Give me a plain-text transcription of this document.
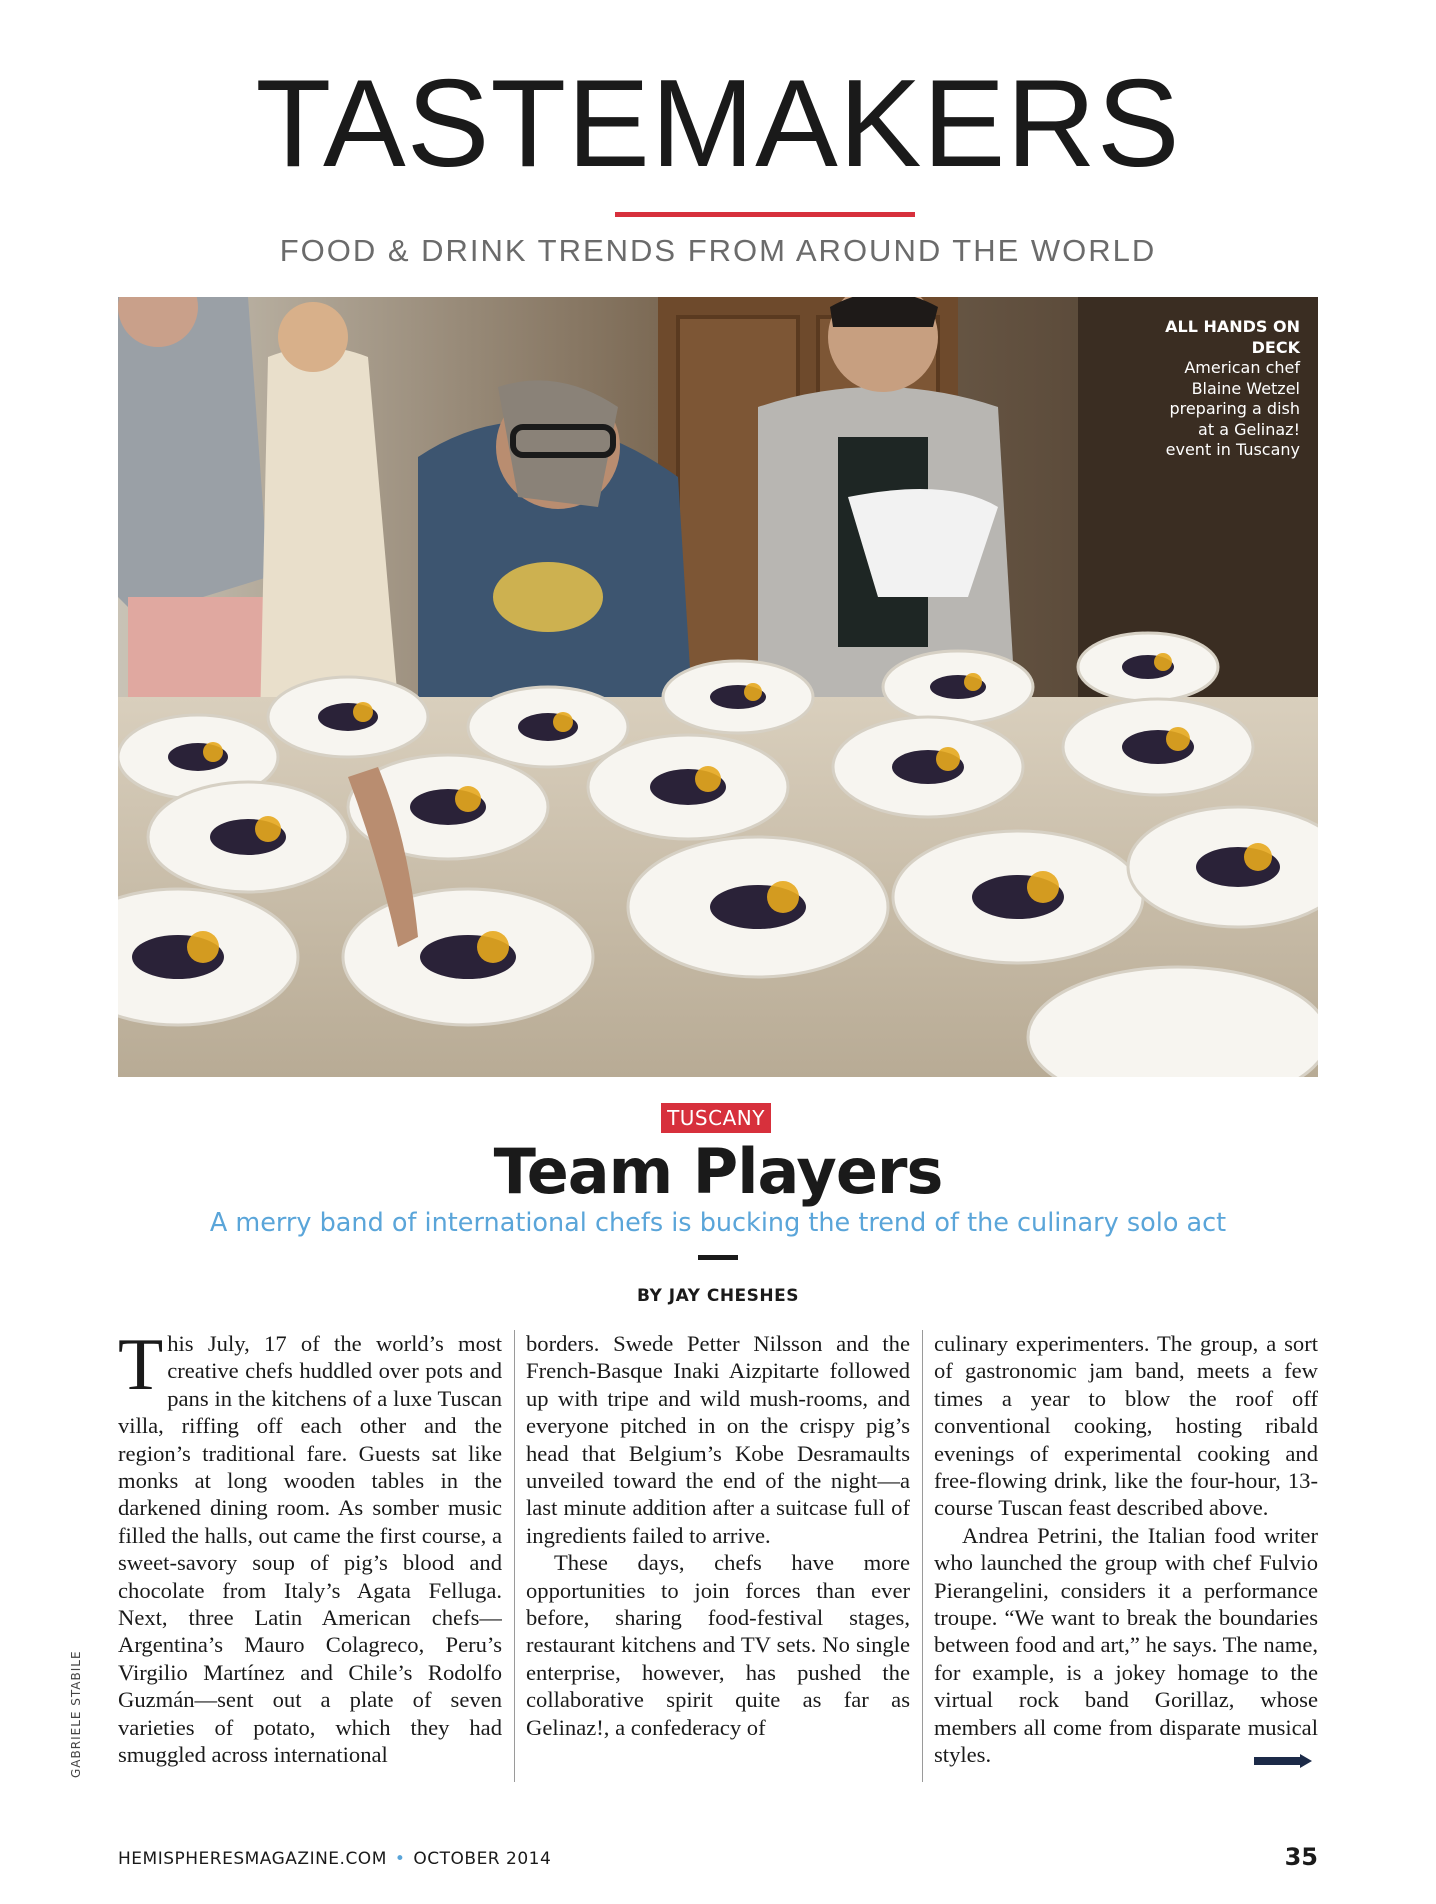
TASTEMAKERS
FOOD & DRINK TRENDS FROM AROUND THE WORLD
ALL HANDS ON DECK
American chef Blaine Wetzel preparing a dish at a Gelinaz! event in Tuscany
TUSCANY
Team Players
A merry band of international chefs is bucking the trend of the culinary solo act
BY JAY CHESHES

This July, 17 of the world’s most creative chefs huddled over pots and pans in the kitchens of a luxe Tuscan villa, riffing off each other and the region’s traditional fare. Guests sat like monks at long wooden tables in the darkened dining room. As somber music filled the halls, out came the first course, a sweet-savory soup of pig’s blood and chocolate from Italy’s Agata Felluga. Next, three Latin American chefs—Argentina’s Mauro Colagreco, Peru’s Virgilio Martínez and Chile’s Rodolfo Guzmán—sent out a plate of seven varieties of potato, which they had smuggled across international

borders. Swede Petter Nilsson and the French-Basque Inaki Aizpitarte followed up with tripe and wild mush-rooms, and everyone pitched in on the crispy pig’s head that Belgium’s Kobe Desramaults unveiled toward the end of the night—a last minute addition after a suitcase full of ingredients failed to arrive.

These days, chefs have more opportunities to join forces than ever before, sharing food-festival stages, restaurant kitchens and TV sets. No single enterprise, however, has pushed the collaborative spirit quite as far as Gelinaz!, a confederacy of

culinary experimenters. The group, a sort of gastronomic jam band, meets a few times a year to blow the roof off conventional cooking, hosting ribald evenings of experimental cooking and free-flowing drink, like the four-hour, 13-course Tuscan feast described above.

Andrea Petrini, the Italian food writer who launched the group with chef Fulvio Pierangelini, considers it a performance troupe. “We want to break the boundaries between food and art,” he says. The name, for example, is a jokey homage to the virtual rock band Gorillaz, whose members all come from disparate musical styles.

GABRIELE STABILE
HEMISPHERESMAGAZINE.COM • OCTOBER 2014	35
